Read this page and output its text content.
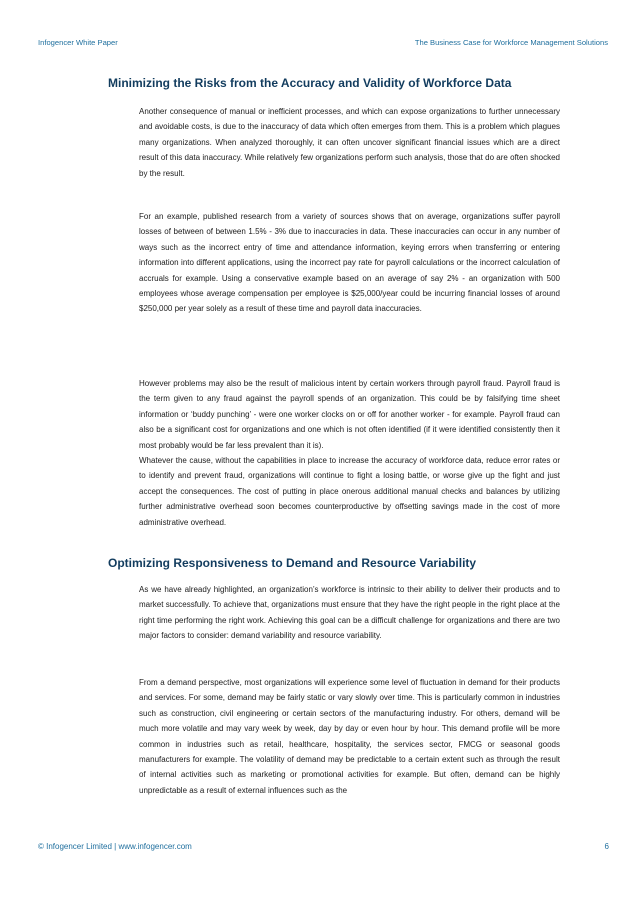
Infogencer White Paper	The Business Case for Workforce Management Solutions
Minimizing the Risks from the Accuracy and Validity of Workforce Data

Another consequence of manual or inefficient processes, and which can expose organizations to further unnecessary and avoidable costs, is due to the inaccuracy of data which often emerges from them. This is a problem which plagues many organizations. When analyzed thoroughly, it can often uncover significant financial issues which are a direct result of this data inaccuracy. While relatively few organizations perform such analysis, those that do are often shocked by the result.

For an example, published research from a variety of sources shows that on average, organizations suffer payroll losses of between of between 1.5% - 3% due to inaccuracies in data. These inaccuracies can occur in any number of ways such as the incorrect entry of time and attendance information, keying errors when transferring or entering information into different applications, using the incorrect pay rate for payroll calculations or the incorrect calculation of accruals for example. Using a conservative example based on an average of say 2% - an organization with 500 employees whose average compensation per employee is $25,000/year could be incurring financial losses of around $250,000 per year solely as a result of these time and payroll data inaccuracies.

However problems may also be the result of malicious intent by certain workers through payroll fraud. Payroll fraud is the term given to any fraud against the payroll spends of an organization. This could be by falsifying time sheet information or ‘buddy punching’ - were one worker clocks on or off for another worker - for example. Payroll fraud can also be a significant cost for organizations and one which is not often identified (if it were identified consistently then it most probably would be far less prevalent than it is).

Whatever the cause, without the capabilities in place to increase the accuracy of workforce data, reduce error rates or to identify and prevent fraud, organizations will continue to fight a losing battle, or worse give up the fight and just accept the consequences. The cost of putting in place onerous additional manual checks and balances by utilizing further administrative overhead soon becomes counterproductive by offsetting savings made in the cost of more administrative overhead.

Optimizing Responsiveness to Demand and Resource Variability

As we have already highlighted, an organization’s workforce is intrinsic to their ability to deliver their products and to market successfully. To achieve that, organizations must ensure that they have the right people in the right place at the right time performing the right work. Achieving this goal can be a difficult challenge for organizations and there are two major factors to consider: demand variability and resource variability.

From a demand perspective, most organizations will experience some level of fluctuation in demand for their products and services. For some, demand may be fairly static or vary slowly over time. This is particularly common in industries such as construction, civil engineering or certain sectors of the manufacturing industry. For others, demand will be much more volatile and may vary week by week, day by day or even hour by hour. This demand profile will be more common in industries such as retail, healthcare, hospitality, the services sector, FMCG or seasonal goods manufacturers for example. The volatility of demand may be predictable to a certain extent such as through the result of internal activities such as marketing or promotional activities for example. But often, demand can be highly unpredictable as a result of external influences such as the

© Infogencer Limited | www.infogencer.com	6
